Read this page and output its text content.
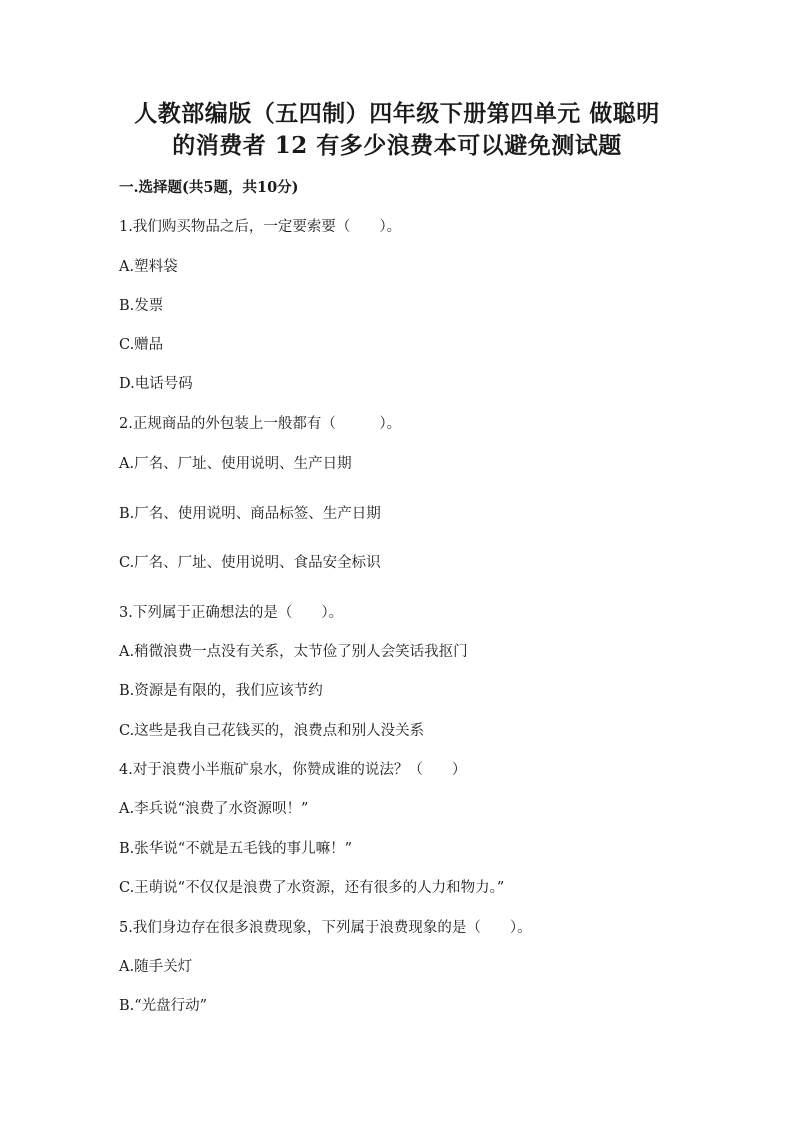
人教部编版（五四制）四年级下册第四单元 做聪明
的消费者 12 有多少浪费本可以避免测试题
一.选择题(共5题，共10分)
1.我们购买物品之后，一定要索要（　　）。
A.塑料袋
B.发票
C.赠品
D.电话号码
2.正规商品的外包装上一般都有（　　　）。
A.厂名、厂址、使用说明、生产日期
B.厂名、使用说明、商品标签、生产日期
C.厂名、厂址、使用说明、食品安全标识
3.下列属于正确想法的是（　　）。
A.稍微浪费一点没有关系，太节俭了别人会笑话我抠门
B.资源是有限的，我们应该节约
C.这些是我自己花钱买的，浪费点和别人没关系
4.对于浪费小半瓶矿泉水，你赞成谁的说法？（　　）
A.李兵说“浪费了水资源呗！”
B.张华说“不就是五毛钱的事儿嘛！”
C.王萌说“不仅仅是浪费了水资源，还有很多的人力和物力。”
5.我们身边存在很多浪费现象，下列属于浪费现象的是（　　）。
A.随手关灯
B.“光盘行动”
